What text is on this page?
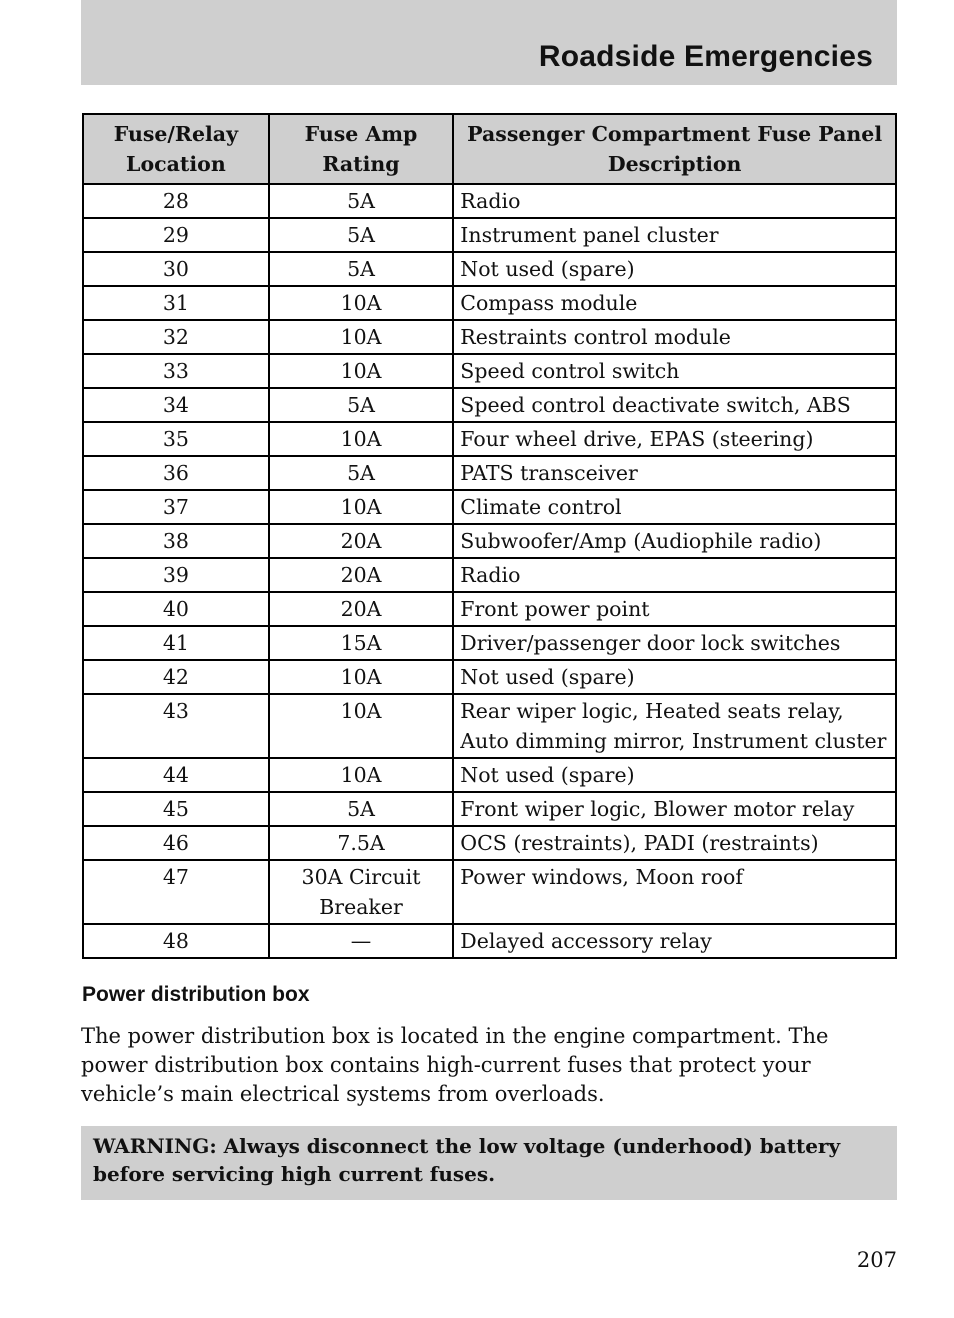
Roadside Emergencies
Fuse/Relay Location	Fuse Amp Rating	Passenger Compartment Fuse Panel Description
28	5A	Radio
29	5A	Instrument panel cluster
30	5A	Not used (spare)
31	10A	Compass module
32	10A	Restraints control module
33	10A	Speed control switch
34	5A	Speed control deactivate switch, ABS
35	10A	Four wheel drive, EPAS (steering)
36	5A	PATS transceiver
37	10A	Climate control
38	20A	Subwoofer/Amp (Audiophile radio)
39	20A	Radio
40	20A	Front power point
41	15A	Driver/passenger door lock switches
42	10A	Not used (spare)
43	10A	Rear wiper logic, Heated seats relay, Auto dimming mirror, Instrument cluster
44	10A	Not used (spare)
45	5A	Front wiper logic, Blower motor relay
46	7.5A	OCS (restraints), PADI (restraints)
47	30A Circuit Breaker	Power windows, Moon roof
48	—	Delayed accessory relay
Power distribution box
The power distribution box is located in the engine compartment. The power distribution box contains high-current fuses that protect your vehicle’s main electrical systems from overloads.
WARNING: Always disconnect the low voltage (underhood) battery before servicing high current fuses.
207
